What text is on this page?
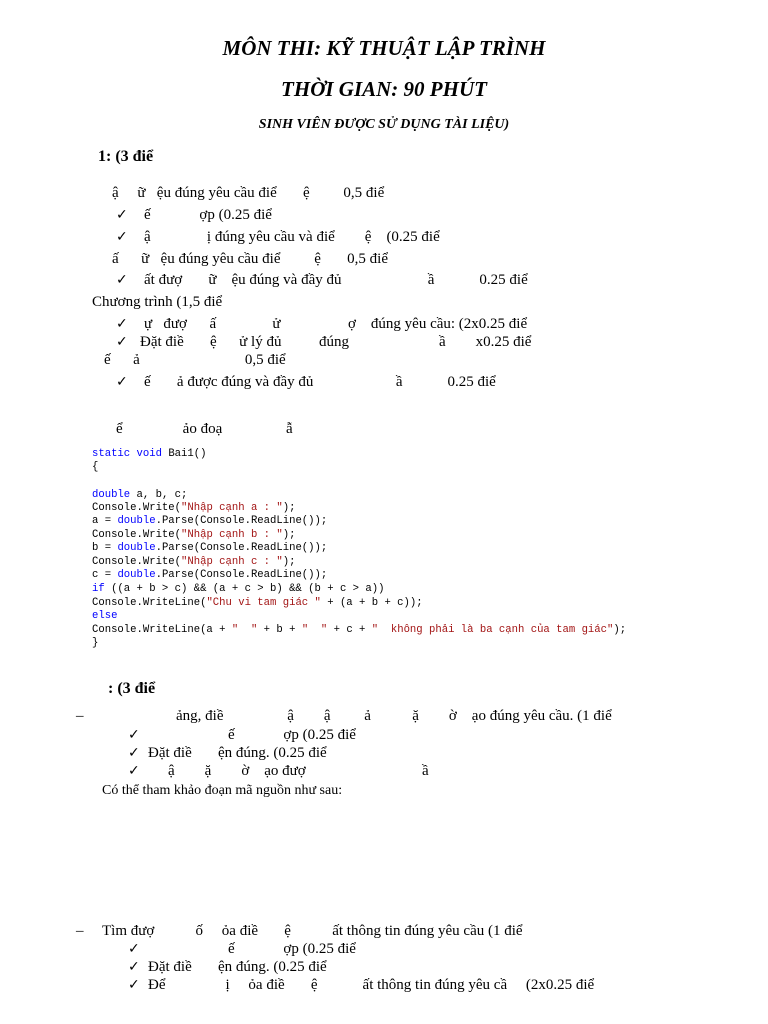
MÔN THI: KỸ THUẬT LẬP TRÌNH
THỜI GIAN: 90 PHÚT
SINH VIÊN ĐƯỢC SỬ DỤNG TÀI LIỆU)
1: (3 điể
ậ     ữ   ệu đúng yêu cầu điể       ệ         0,5 điể
✓ ế             ợp (0.25 điể
✓ ậ               ị đúng yêu cầu và điể        ệ    (0.25 điể
ấ      ữ   ệu đúng yêu cầu điể         ệ       0,5 điể
✓ ất đượ       ữ    ệu đúng và đầy đủ                       ầ            0.25 điể
Chương trình (1,5 điể
✓ ự   đượ      ấ               ử                  ợ    đúng yêu cầu: (2x0.25 điể
✓ Đặt điề       ệ      ử lý đủ          đúng                        ầ        x0.25 điể
ế      ả                            0,5 điể
✓ ế       ả được đúng và đầy đủ                      ầ            0.25 điể
ể                ảo đoạ                 ẫ
static void Bai1()
{
double a, b, c;
Console.Write("Nhập cạnh a : ");
a = double.Parse(Console.ReadLine());
Console.Write("Nhập cạnh b : ");
b = double.Parse(Console.ReadLine());
Console.Write("Nhập cạnh c : ");
c = double.Parse(Console.ReadLine());
if ((a + b > c) && (a + c > b) && (b + c > a))
Console.WriteLine("Chu vi tam giác " + (a + b + c));
else
Console.WriteLine(a + "  " + b + "  " + c + "  không phải là ba cạnh của tam giác");
}
: (3 điể
–	ảng, điề                 ậ        ậ         ả           ặ        ờ    ạo đúng yêu cầu. (1 điể
✓	ế             ợp (0.25 điể
✓ Đặt điề       ện đúng. (0.25 điể
✓ ậ        ặ        ờ    ạo đượ                               ầ
Có thể tham khảo đoạn mã nguồn như sau:
– Tìm đượ           ố     ỏa điề       ệ           ất thông tin đúng yêu cầu (1 điể
✓	ế             ợp (0.25 điể
✓ Đặt điề       ện đúng. (0.25 điể
✓ Để                ị     ỏa điề       ệ            ất thông tin đúng yêu cầ     (2x0.25 điể
